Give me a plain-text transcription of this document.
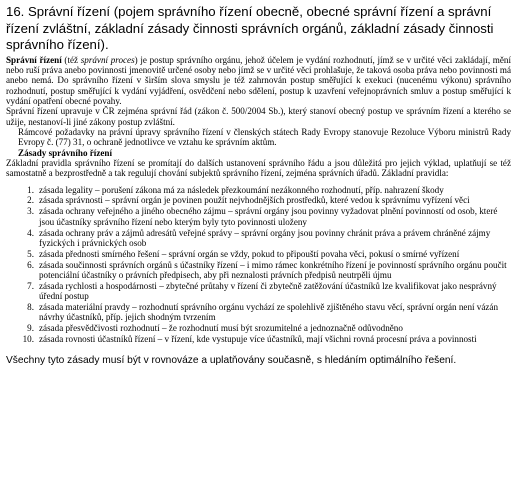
16. Správní řízení (pojem správního řízení obecně, obecné správní řízení a správní řízení zvláštní, základní zásady činnosti správních orgánů, základní zásady činnosti správního řízení).

Správní řízení (též správní proces) je postup správního orgánu, jehož účelem je vydání rozhodnutí, jímž se v určité věci zakládají, mění nebo ruší práva anebo povinnosti jmenovitě určené osoby nebo jímž se v určité věci prohlašuje, že taková osoba práva nebo povinnosti má anebo nemá. Do správního řízení v širším slova smyslu je též zahrnován postup směřující k exekuci (nucenému výkonu) správního rozhodnutí, postup směřující k vydání vyjádření, osvědčení nebo sdělení, postup k uzavření veřejnoprávních smluv a postup směřující k vydání opatření obecné povahy.

Správní řízení upravuje v ČR zejména správní řád (zákon č. 500/2004 Sb.), který stanoví obecný postup ve správním řízení a kterého se užije, nestanoví-li jiné zákony postup zvláštní.

Rámcové požadavky na právní úpravy správního řízení v členských státech Rady Evropy stanovuje Rezoluce Výboru ministrů Rady Evropy č. (77) 31, o ochraně jednotlivce ve vztahu ke správním aktům.

Zásady správního řízení

Základní pravidla správního řízení se promítají do dalších ustanovení správního řádu a jsou důležitá pro jejich výklad, uplatňují se též samostatně a bezprostředně a tak regulují chování subjektů správního řízení, zejména správních úřadů. Základní pravidla:

1. zásada legality – porušení zákona má za následek přezkoumání nezákonného rozhodnutí, příp. nahrazení škody
2. zásada správnosti – správní orgán je povinen použít nejvhodnějších prostředků, které vedou k správnímu vyřízení věci
3. zásada ochrany veřejného a jiného obecného zájmu – správní orgány jsou povinny vyžadovat plnění povinností od osob, které jsou účastníky správního řízení nebo kterým byly tyto povinnosti uloženy
4. zásada ochrany práv a zájmů adresátů veřejné správy – správní orgány jsou povinny chránit práva a právem chráněné zájmy fyzických i právnických osob
5. zásada přednosti smírného řešení – správní orgán se vždy, pokud to připouští povaha věci, pokusí o smírné vyřízení
6. zásada součinnosti správních orgánů s účastníky řízení – i mimo rámec konkrétního řízení je povinností správního orgánu poučit potenciální účastníky o právních předpisech, aby při neznalosti právních předpisů neutrpěli újmu
7. zásada rychlosti a hospodárnosti – zbytečné průtahy v řízení či zbytečně zatěžování účastníků lze kvalifikovat jako nesprávný úřední postup
8. zásada materiální pravdy – rozhodnutí správního orgánu vychází ze spolehlivě zjištěného stavu věcí, správní orgán není vázán návrhy účastníků, příp. jejich shodným tvrzením
9. zásada přesvědčivosti rozhodnutí – že rozhodnutí musí být srozumitelné a jednoznačně odůvodněno
10. zásada rovnosti účastníků řízení – v řízení, kde vystupuje více účastníků, mají všichni rovná procesní práva a povinnosti

Všechny tyto zásady musí být v rovnováze a uplatňovány současně, s hledáním optimálního řešení.
